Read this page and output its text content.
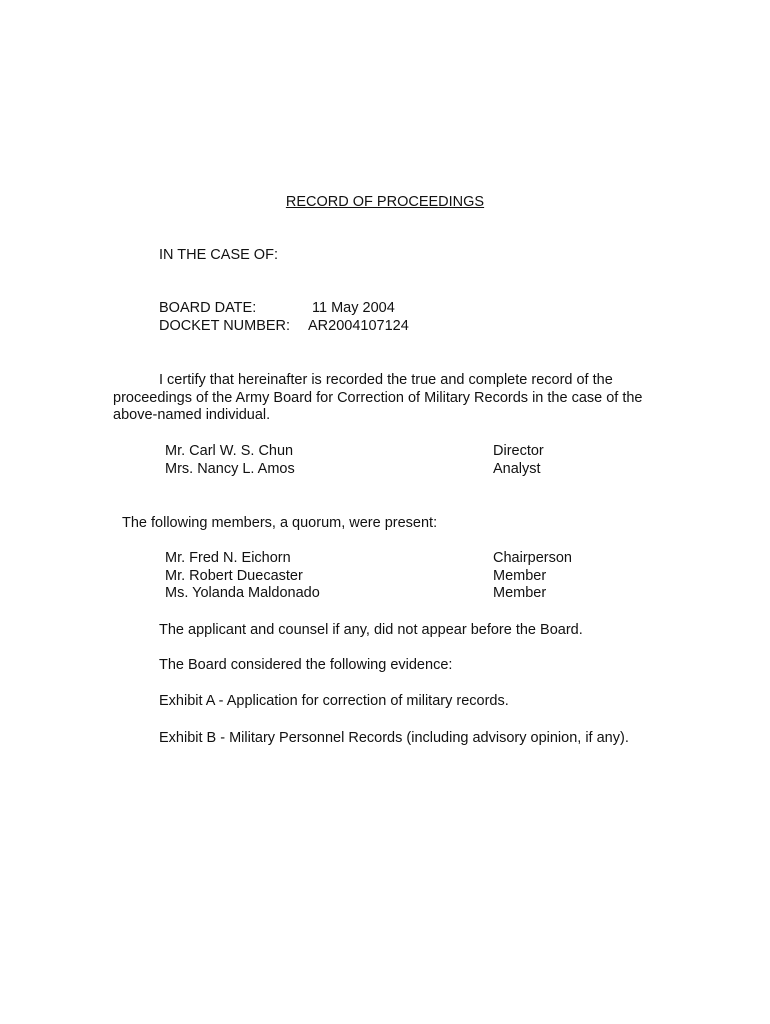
RECORD OF PROCEEDINGS
IN THE CASE OF:
BOARD DATE:	11 May 2004
DOCKET NUMBER: AR2004107124
I certify that hereinafter is recorded the true and complete record of the proceedings of the Army Board for Correction of Military Records in the case of the above-named individual.
Mr. Carl W. S. Chun	Director
Mrs. Nancy L. Amos	Analyst
The following members, a quorum, were present:
Mr. Fred N. Eichorn	Chairperson
Mr. Robert Duecaster	Member
Ms. Yolanda Maldonado	Member
The applicant and counsel if any, did not appear before the Board.
The Board considered the following evidence:
Exhibit A - Application for correction of military records.
Exhibit B - Military Personnel Records (including advisory opinion, if any).
